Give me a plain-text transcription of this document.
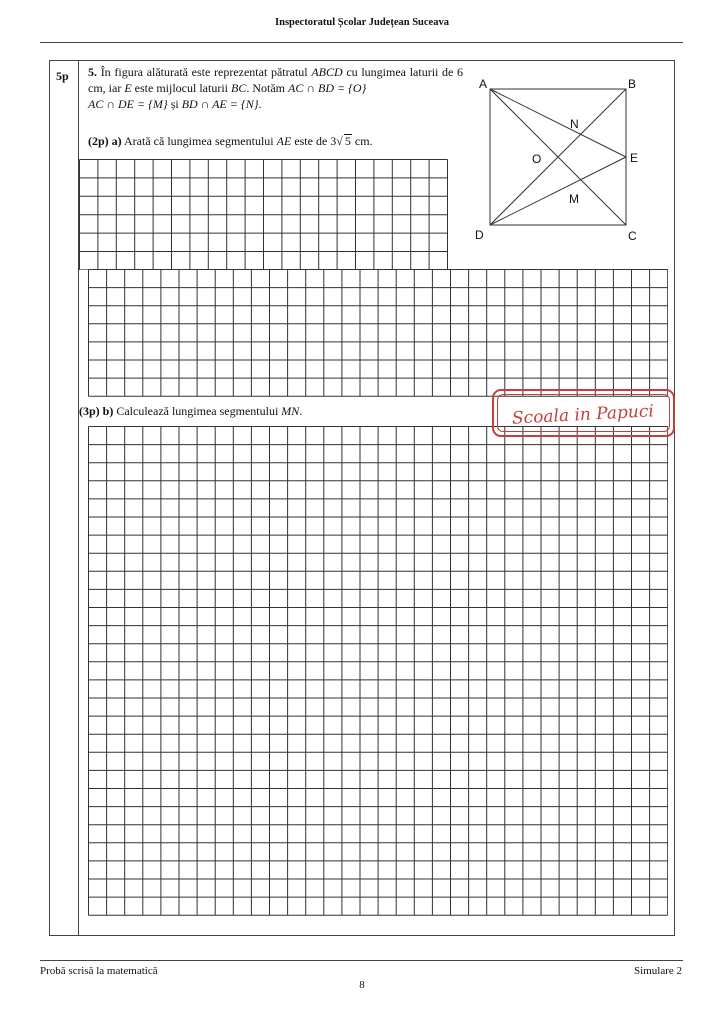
Inspectoratul Școlar Județean Suceava
5p 5. În figura alăturată este reprezentat pătratul ABCD cu lungimea laturii de 6 cm, iar E este mijlocul laturii BC. Notăm AC ∩ BD = {O}
AC ∩ DE = {M} și BD ∩ AE = {N}.
(2p) a) Arată că lungimea segmentului AE este de 3√ 5 cm.
(3p) b) Calculează lungimea segmentului MN.
A	B
C
D
E
N
O
M
Scoala in Papuci
Probă scrisă la matematică	Simulare 2
8
